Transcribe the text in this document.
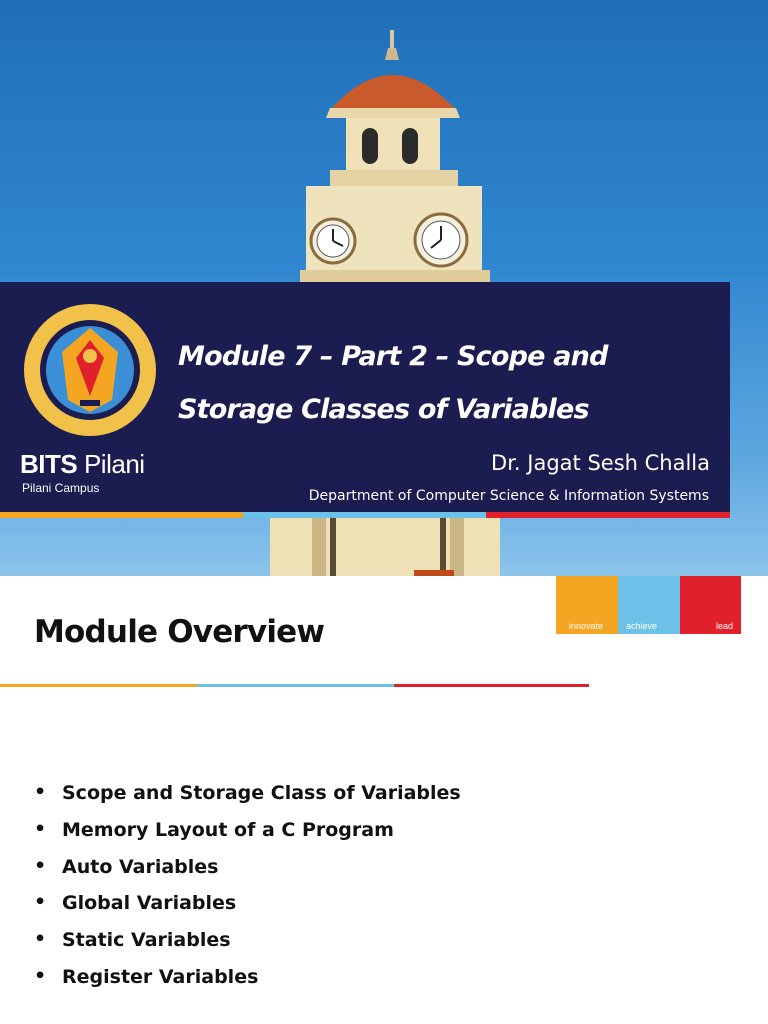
BITS Pilani
Pilani Campus
Module 7 – Part 2 – Scope and
Storage Classes of Variables
Dr. Jagat Sesh Challa
Department of Computer Science & Information Systems
Module Overview	innovate	achieve	lead
• Scope and Storage Class of Variables
• Memory Layout of a C Program
• Auto Variables
• Global Variables
• Static Variables
• Register Variables
